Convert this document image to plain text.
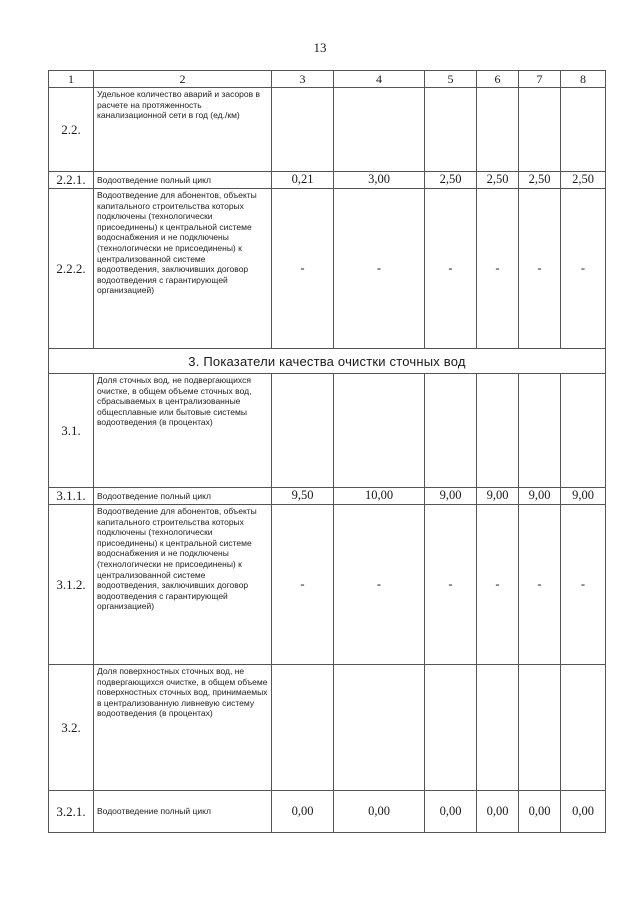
13
1	2	3	4	5	6	7	8
2.2.	Удельное количество аварий и засоров в расчете на протяженность канализационной сети в год (ед./км)						
2.2.1.	Водоотведение полный цикл	0,21	3,00	2,50	2,50	2,50	2,50
2.2.2.	Водоотведение для абонентов, объекты капитального строительства которых подключены (технологически присоединены) к центральной системе водоснабжения и не подключены (технологически не присоединены) к централизованной системе водоотведения, заключивших договор водоотведения с гарантирующей организацией)	-	-	-	-	-	-
3. Показатели качества очистки сточных вод							
3.1.	Доля сточных вод, не подвергающихся очистке, в общем объеме сточных вод, сбрасываемых в централизованные общесплавные или бытовые системы водоотведения (в процентах)						
3.1.1.	Водоотведение полный цикл	9,50	10,00	9,00	9,00	9,00	9,00
3.1.2.	Водоотведение для абонентов, объекты капитального строительства которых подключены (технологически присоединены) к центральной системе водоснабжения и не подключены (технологически не присоединены) к централизованной системе водоотведения, заключивших договор водоотведения с гарантирующей организацией)	-	-	-	-	-	-
3.2.	Доля поверхностных сточных вод, не подвергающихся очистке, в общем объеме поверхностных сточных вод, принимаемых в централизованную ливневую систему водоотведения (в процентах)						
3.2.1.	Водоотведение полный цикл	0,00	0,00	0,00	0,00	0,00	0,00
